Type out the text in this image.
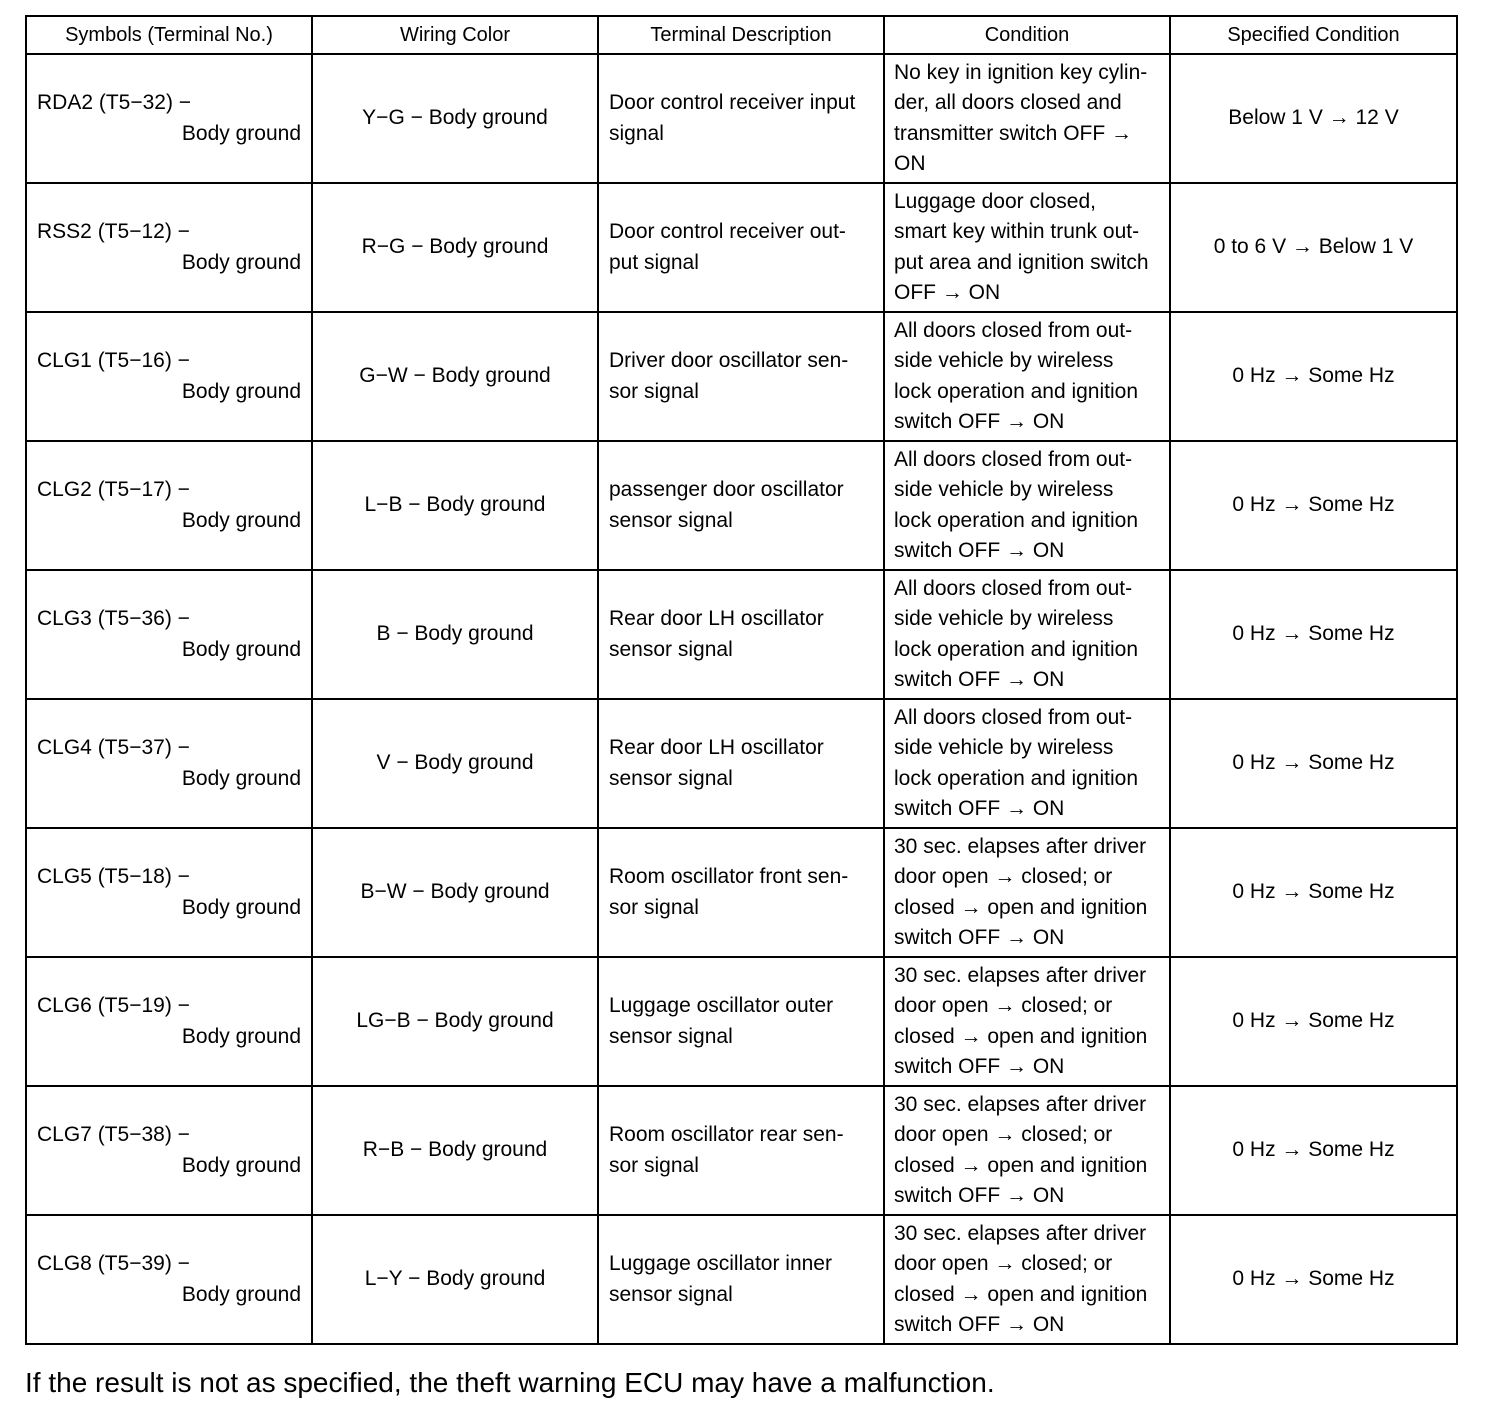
Symbols (Terminal No.)	Wiring Color	Terminal Description	Condition	Specified Condition

RDA2 (T5−32) −
Body ground	Y−G − Body ground	Door control receiver input
signal	No key in ignition key cylin-
der, all doors closed and
transmitter switch OFF →
ON	Below 1 V → 12 V

RSS2 (T5−12) −
Body ground	R−G − Body ground	Door control receiver out-
put signal	Luggage door closed,
smart key within trunk out-
put area and ignition switch
OFF → ON	0 to 6 V → Below 1 V

CLG1 (T5−16) −
Body ground	G−W − Body ground	Driver door oscillator sen-
sor signal	All doors closed from out-
side vehicle by wireless
lock operation and ignition
switch OFF → ON	0 Hz → Some Hz

CLG2 (T5−17) −
Body ground	L−B − Body ground	passenger door oscillator
sensor signal	All doors closed from out-
side vehicle by wireless
lock operation and ignition
switch OFF → ON	0 Hz → Some Hz

CLG3 (T5−36) −
Body ground	B − Body ground	Rear door LH oscillator
sensor signal	All doors closed from out-
side vehicle by wireless
lock operation and ignition
switch OFF → ON	0 Hz → Some Hz

CLG4 (T5−37) −
Body ground	V − Body ground	Rear door LH oscillator
sensor signal	All doors closed from out-
side vehicle by wireless
lock operation and ignition
switch OFF → ON	0 Hz → Some Hz

CLG5 (T5−18) −
Body ground	B−W − Body ground	Room oscillator front sen-
sor signal	30 sec. elapses after driver
door open → closed; or
closed → open and ignition
switch OFF → ON	0 Hz → Some Hz

CLG6 (T5−19) −
Body ground	LG−B − Body ground	Luggage oscillator outer
sensor signal	30 sec. elapses after driver
door open → closed; or
closed → open and ignition
switch OFF → ON	0 Hz → Some Hz

CLG7 (T5−38) −
Body ground	R−B − Body ground	Room oscillator rear sen-
sor signal	30 sec. elapses after driver
door open → closed; or
closed → open and ignition
switch OFF → ON	0 Hz → Some Hz

CLG8 (T5−39) −
Body ground	L−Y − Body ground	Luggage oscillator inner
sensor signal	30 sec. elapses after driver
door open → closed; or
closed → open and ignition
switch OFF → ON	0 Hz → Some Hz

If the result is not as specified, the theft warning ECU may have a malfunction.
